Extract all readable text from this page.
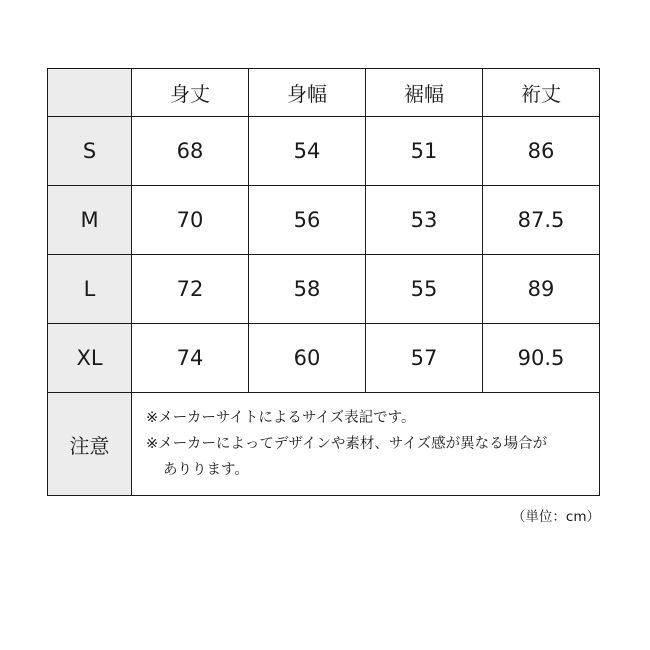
	身丈	身幅	裾幅	裄丈
S	68	54	51	86
M	70	56	53	87.5
L	72	58	55	89
XL	74	60	57	90.5
注意	※メーカーサイトによるサイズ表記です。
※メーカーによってデザインや素材、サイズ感が異なる場合が
ありります。			
（単位：cm）
